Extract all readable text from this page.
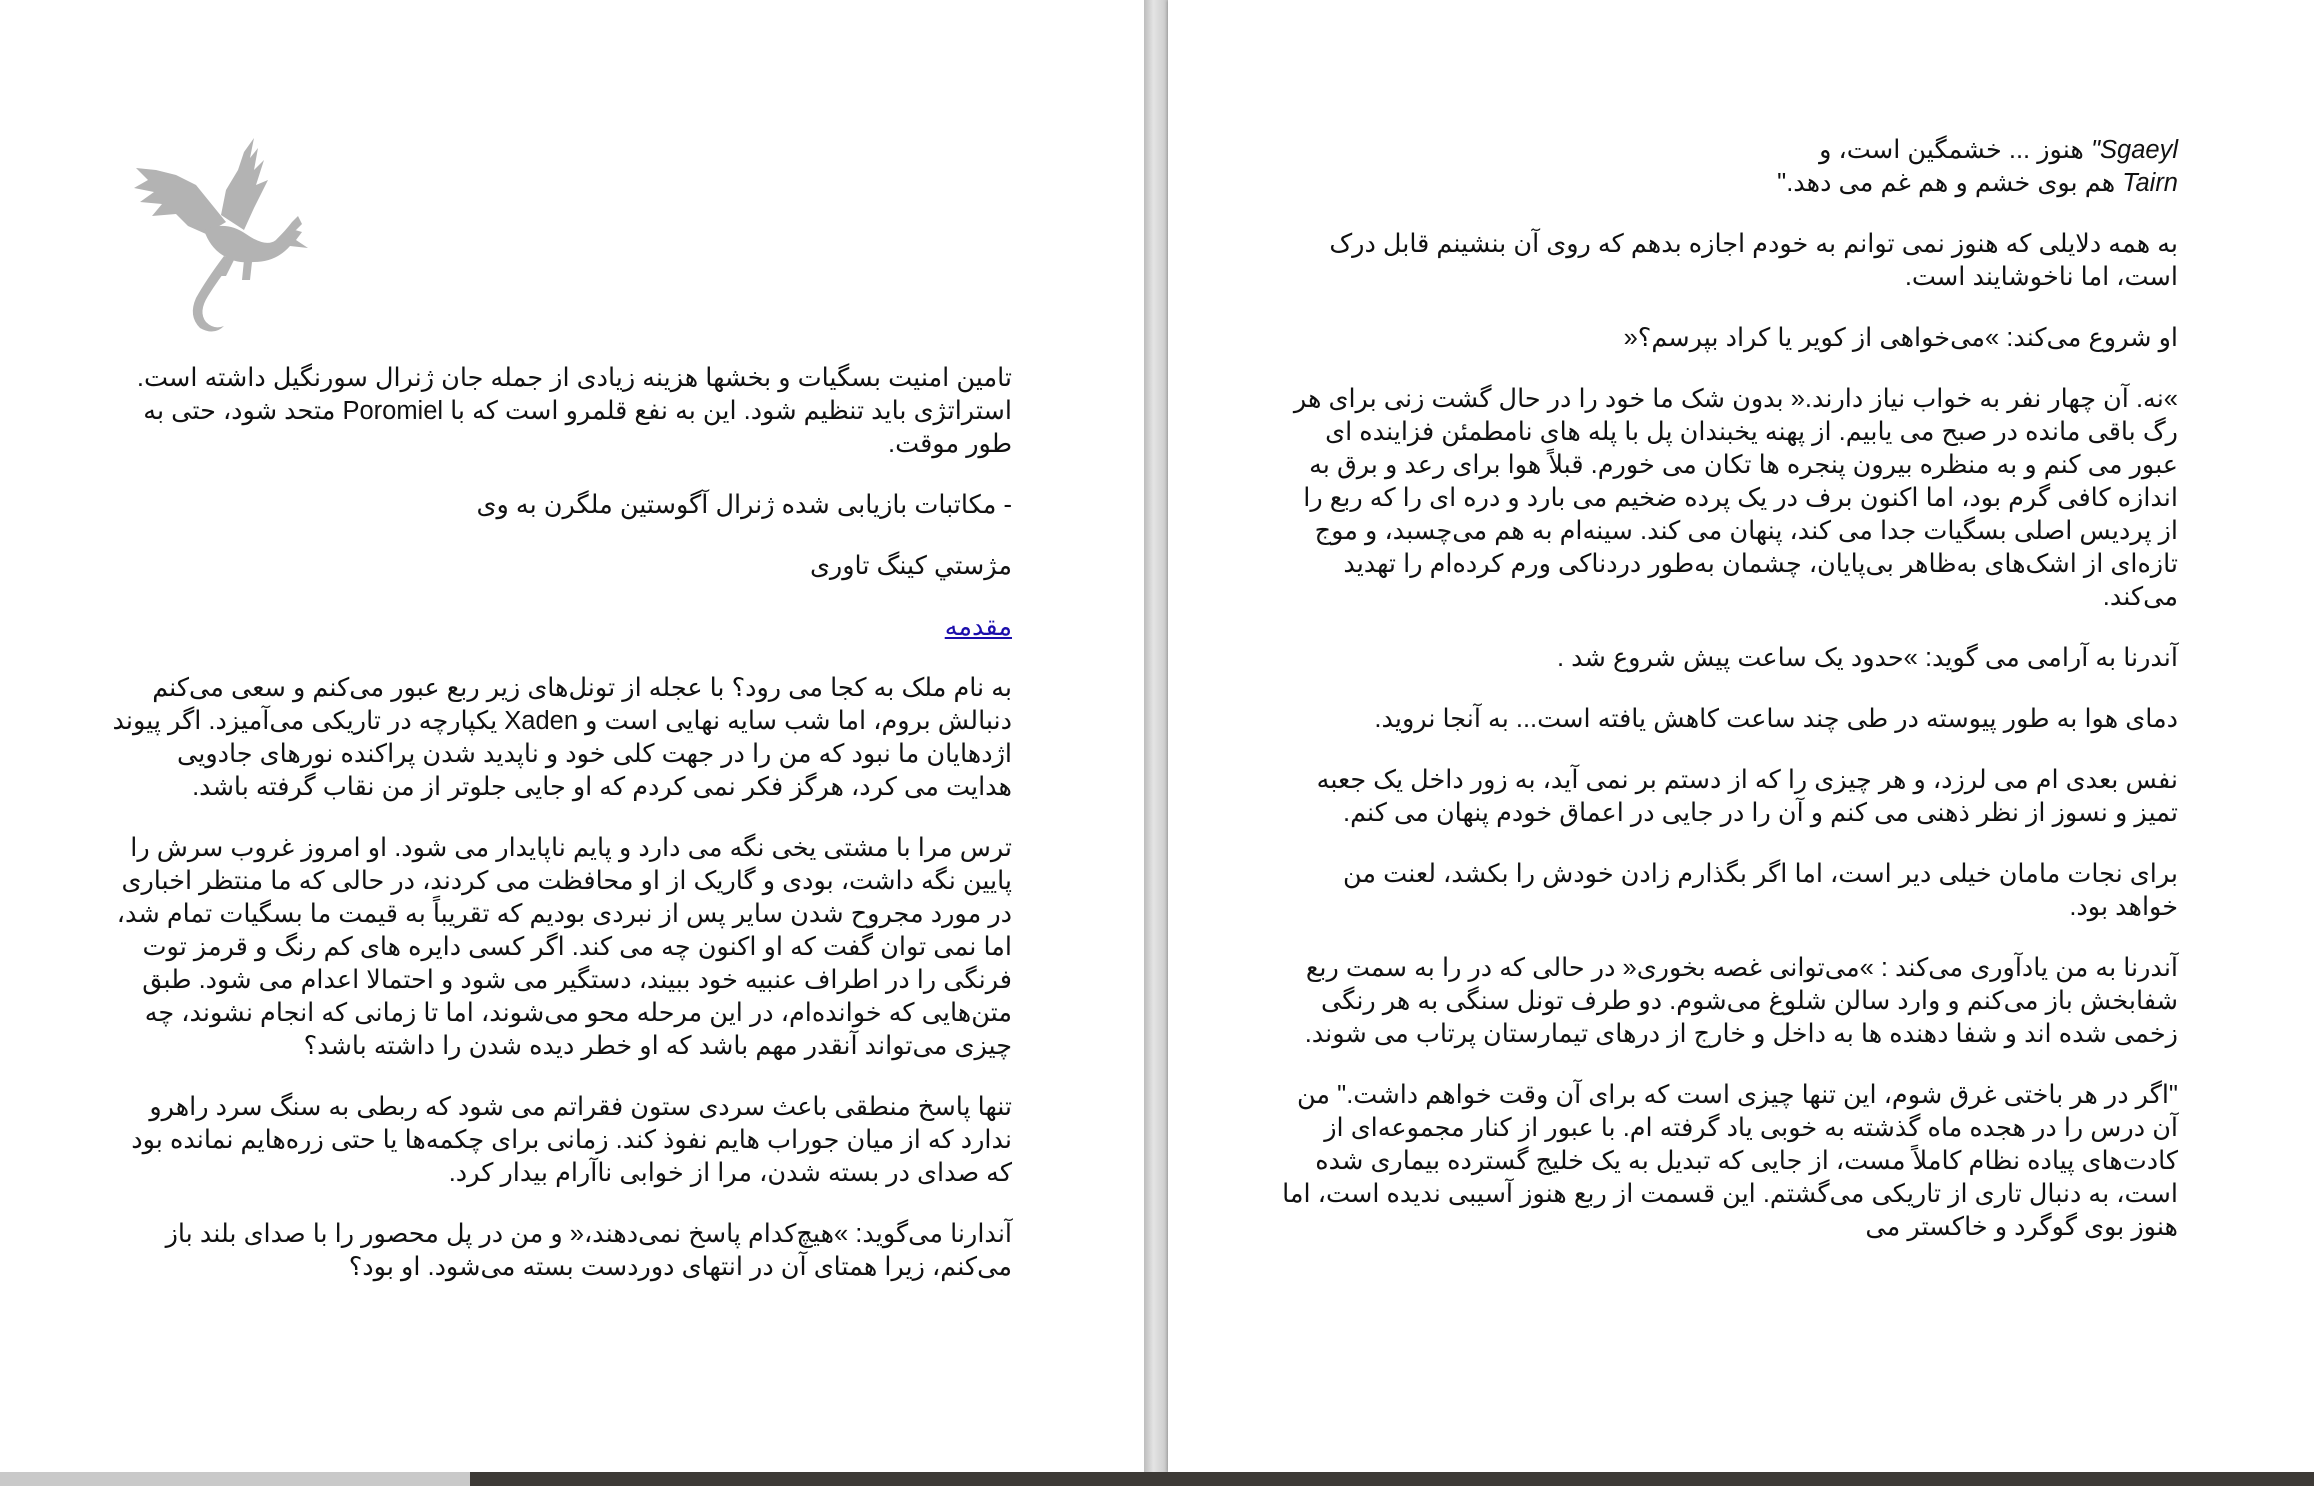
تامین امنیت بسگیات و بخشها هزینه زیادی از جمله جان ژنرال سورنگیل داشته است. استراتژی باید تنظیم شود. این به نفع قلمرو است که با Poromiel متحد شود، حتی به طور موقت.

- مکاتبات بازیابی شده ژنرال آگوستین ملگرن به وی

مژستي كينگ تاوری

مقدمه

به نام ملک به کجا می رود؟ با عجله از تونل‌های زیر ربع عبور می‌کنم و سعی می‌کنم دنبالش بروم، اما شب سایه نهایی است و Xaden یکپارچه در تاریکی می‌آمیزد. اگر پیوند اژدهایان ما نبود که من را در جهت کلی خود و ناپدید شدن پراکنده نورهای جادویی هدایت می کرد، هرگز فکر نمی کردم که او جایی جلوتر از من نقاب گرفته باشد.

ترس مرا با مشتی یخی نگه می دارد و پایم ناپایدار می شود. او امروز غروب سرش را پایین نگه داشت، بودی و گاریک از او محافظت می کردند، در حالی که ما منتظر اخباری در مورد مجروح شدن سایر پس از نبردی بودیم که تقریباً به قیمت ما بسگیات تمام شد، اما نمی توان گفت که او اکنون چه می کند. اگر کسی دایره های کم رنگ و قرمز توت فرنگی را در اطراف عنبیه خود ببیند، دستگیر می شود و احتمالا اعدام می شود. طبق متن‌هایی که خوانده‌ام، در این مرحله محو می‌شوند، اما تا زمانی که انجام نشوند، چه چیزی می‌تواند آنقدر مهم باشد که او خطر دیده شدن را داشته باشد؟

تنها پاسخ منطقی باعث سردی ستون فقراتم می شود که ربطی به سنگ سرد راهرو ندارد که از میان جوراب هایم نفوذ کند. زمانی برای چکمه‌ها یا حتی زره‌هایم نمانده بود که صدای در بسته شدن، مرا از خوابی ناآرام بیدار کرد.

آندارنا می‌گوید: »هیچ‌کدام پاسخ نمی‌دهند،« و من در پل محصور را با صدای بلند باز می‌کنم، زیرا همتای آن در انتهای دوردست بسته می‌شود. او بود؟

Sgaeyl" هنوز ... خشمگین است، و
Tairn هم بوی خشم و هم غم می دهد."

به همه دلایلی که هنوز نمی توانم به خودم اجازه بدهم که روی آن بنشینم قابل درک است، اما ناخوشایند است.

او شروع می‌کند: »می‌خواهی از کویر یا کراد بپرسم؟«

»نه. آن چهار نفر به خواب نیاز دارند.« بدون شک ما خود را در حال گشت زنی برای هر رگ باقی مانده در صبح می یابیم. از پهنه یخبندان پل با پله های نامطمئن فزاینده ای عبور می کنم و به منظره بیرون پنجره ها تکان می خورم. قبلاً هوا برای رعد و برق به اندازه کافی گرم بود، اما اکنون برف در یک پرده ضخیم می بارد و دره ای را که ربع را از پردیس اصلی بسگیات جدا می کند، پنهان می کند. سینه‌ام به هم می‌چسبد، و موج تازه‌ای از اشک‌های به‌ظاهر بی‌پایان، چشمان به‌طور دردناکی ورم کرده‌ام را تهدید می‌کند.

آندرنا به آرامی می گوید: »حدود یک ساعت پیش شروع شد .

دمای هوا به طور پیوسته در طی چند ساعت کاهش یافته است... به آنجا نروید.

نفس بعدی ام می لرزد، و هر چیزی را که از دستم بر نمی آید، به زور داخل یک جعبه تمیز و نسوز از نظر ذهنی می کنم و آن را در جایی در اعماق خودم پنهان می کنم.

برای نجات مامان خیلی دیر است، اما اگر بگذارم زادن خودش را بکشد، لعنت من خواهد بود.

آندرنا به من یادآوری می‌کند : »می‌توانی غصه بخوری« در حالی که در را به سمت ربع شفابخش باز می‌کنم و وارد سالن شلوغ می‌شوم. دو طرف تونل سنگی به هر رنگی زخمی شده اند و شفا دهنده ها به داخل و خارج از درهای تیمارستان پرتاب می شوند.

"اگر در هر باختی غرق شوم، این تنها چیزی است که برای آن وقت خواهم داشت." من آن درس را در هجده ماه گذشته به خوبی یاد گرفته ام. با عبور از کنار مجموعه‌ای از کادت‌های پیاده نظام کاملاً مست، از جایی که تبدیل به یک خلیج گسترده بیماری شده است، به دنبال تاری از تاریکی می‌گشتم. این قسمت از ربع هنوز آسیبی ندیده است، اما هنوز بوی گوگرد و خاکستر می
